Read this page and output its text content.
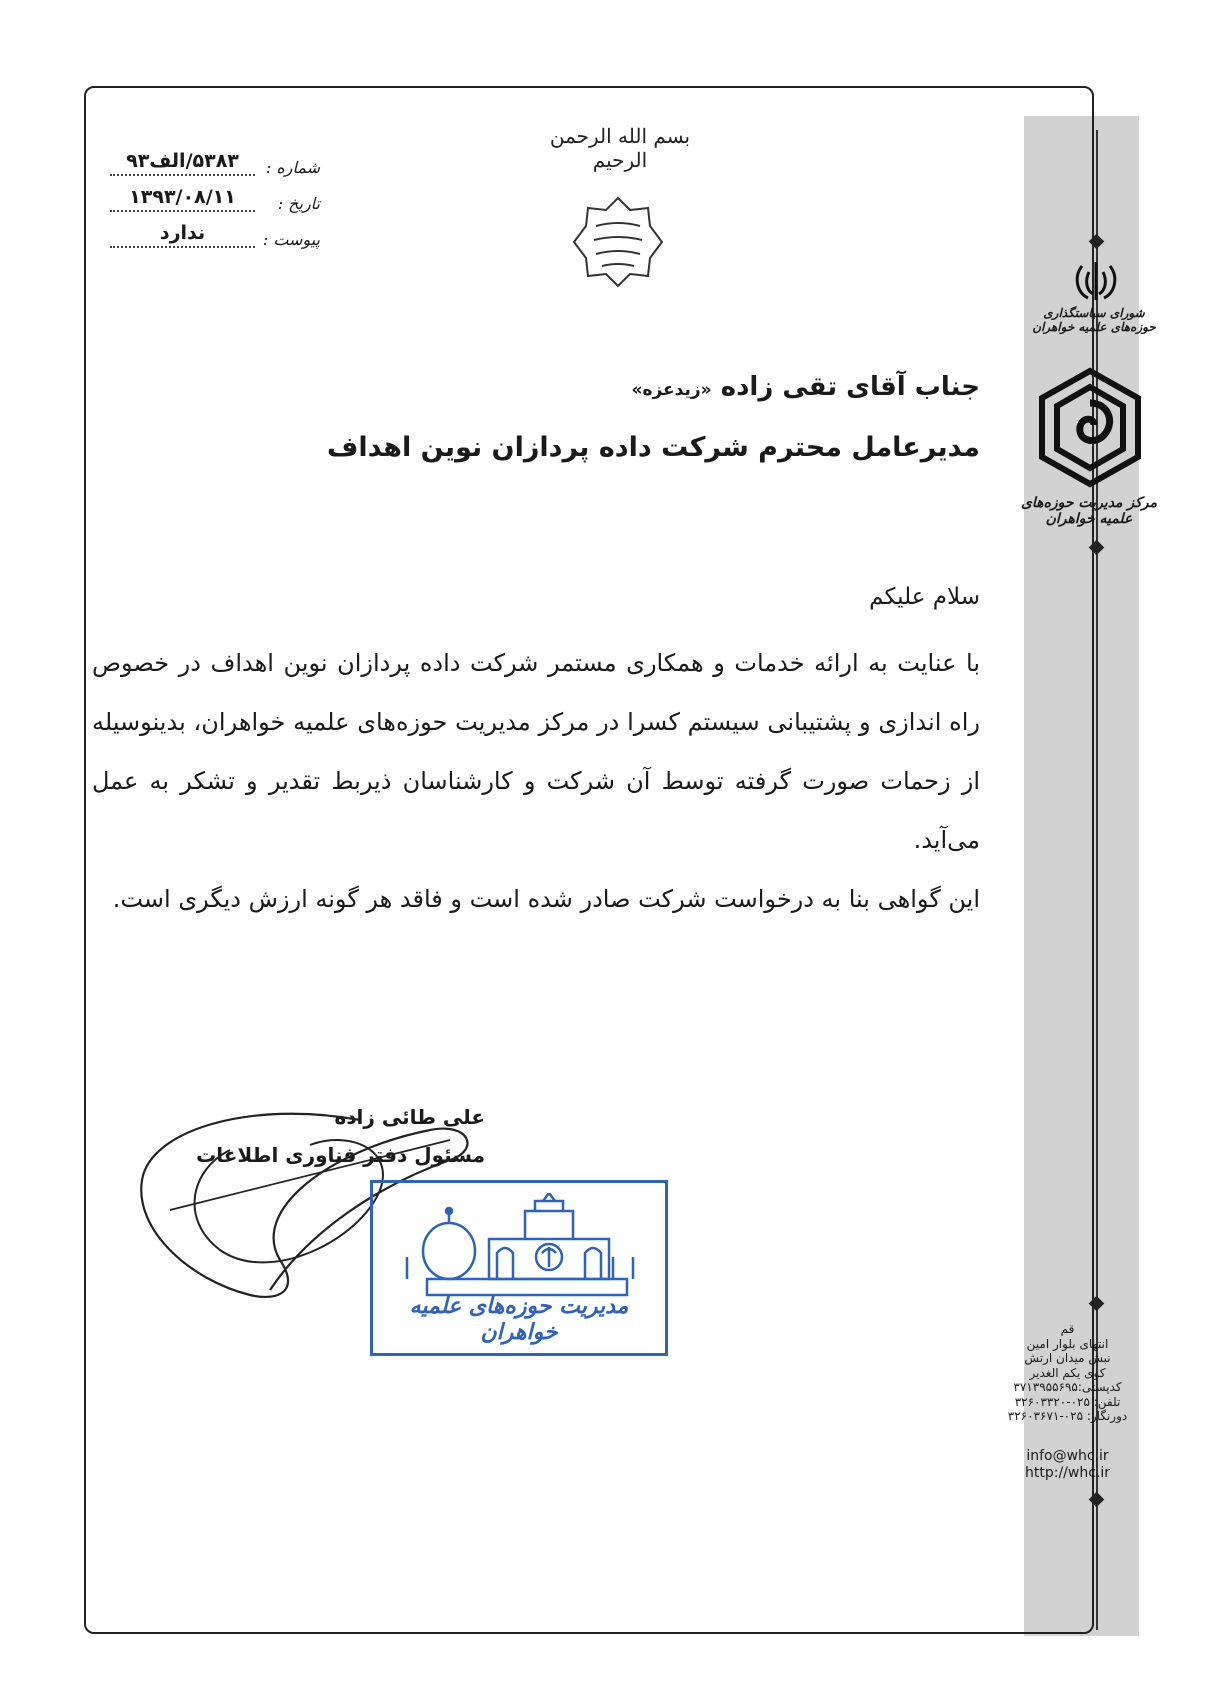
بسم الله الرحمن الرحیم
۵۳۸۳/الف۹۳	شماره :
۱۳۹۳/۰۸/۱۱	تاریخ :
ندارد	پیوست :
جناب آقای تقی زاده «زیدعزه»
مدیرعامل محترم شرکت داده پردازان نوین اهداف
سلام علیکم

با عنایت به ارائه خدمات و همکاری مستمر شرکت داده پردازان نوین اهداف در خصوص راه اندازی و پشتیبانی سیستم کسرا در مرکز مدیریت حوزه‌های علمیه خواهران، بدینوسیله از زحمات صورت گرفته توسط آن شرکت و کارشناسان ذیربط تقدیر و تشکر به عمل می‌آید.

این گواهی بنا به درخواست شرکت صادر شده است و فاقد هر گونه ارزش دیگری است.

علی طائی زاده
مسئول دفتر فناوری اطلاعات
مدیریت حوزه‌های علمیه خواهران
شورای سیاستگذاری حوزه‌های علمیه خواهران
مرکز مدیریت حوزه‌های علمیه خواهران
قم
انتهای بلوار امین
نبش میدان ارتش
کوی یکم الغدیر
کدپستی:۳۷۱۳۹۵۵۶۹۵
تلفن: ۰۲۵-۳۲۶۰۳۳۲۰
دورنگار: ۰۲۵-۳۲۶۰۳۶۷۱
info@whc.ir
http://whc.ir
